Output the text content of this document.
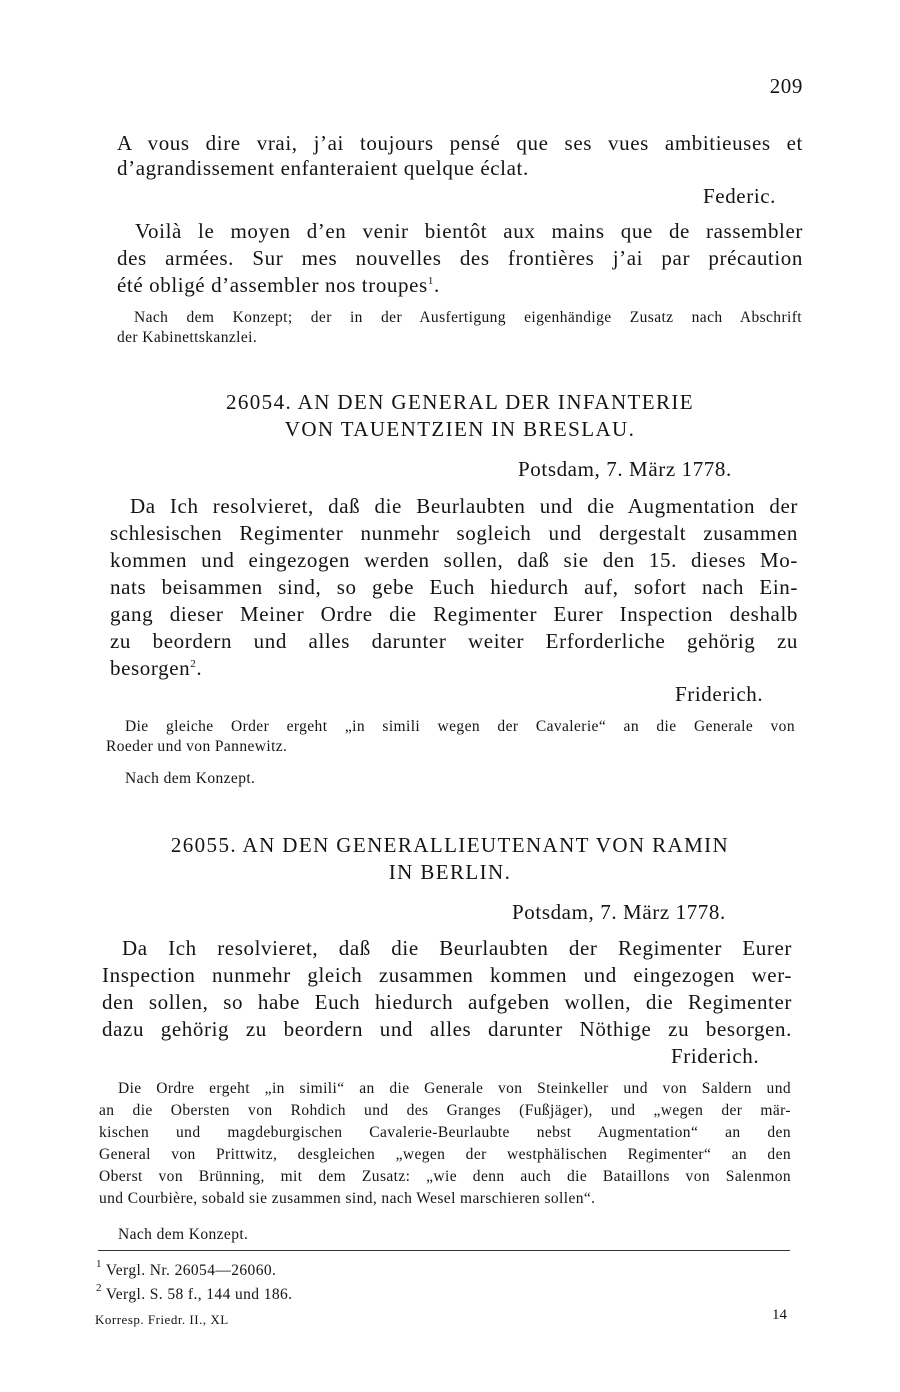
209
A vous dire vrai, j’ai toujours pensé que ses vues ambitieuses et
d’agrandissement enfanteraient quelque éclat.
Federic.
Voilà le moyen d’en venir bientôt aux mains que de rassembler
des armées. Sur mes nouvelles des frontières j’ai par précaution
été obligé d’assembler nos troupes$^1$.
Nach dem Konzept; der in der Ausfertigung eigenhändige Zusatz nach Abschrift
der Kabinettskanzlei.
26054. AN DEN GENERAL DER INFANTERIE
VON TAUENTZIEN IN BRESLAU.
Potsdam, 7. März 1778.
Da Ich resolvieret, daß die Beurlaubten und die Augmentation der
schlesischen Regimenter nunmehr sogleich und dergestalt zusammen
kommen und eingezogen werden sollen, daß sie den 15. dieses Mo-
nats beisammen sind, so gebe Euch hiedurch auf, sofort nach Ein-
gang dieser Meiner Ordre die Regimenter Eurer Inspection deshalb
zu beordern und alles darunter weiter Erforderliche gehörig zu
besorgen$^2$.
Friderich.
Die gleiche Order ergeht „in simili wegen der Cavalerie“ an die Generale von
Roeder und von Pannewitz.
Nach dem Konzept.
26055. AN DEN GENERALLIEUTENANT VON RAMIN
IN BERLIN.
Potsdam, 7. März 1778.
Da Ich resolvieret, daß die Beurlaubten der Regimenter Eurer
Inspection nunmehr gleich zusammen kommen und eingezogen wer-
den sollen, so habe Euch hiedurch aufgeben wollen, die Regimenter
dazu gehörig zu beordern und alles darunter Nöthige zu besorgen.
Friderich.
Die Ordre ergeht „in simili“ an die Generale von Steinkeller und von Saldern und
an die Obersten von Rohdich und des Granges (Fußjäger), und „wegen der mär-
kischen und magdeburgischen Cavalerie-Beurlaubte nebst Augmentation“ an den
General von Prittwitz, desgleichen „wegen der westphälischen Regimenter“ an den
Oberst von Brünning, mit dem Zusatz: „wie denn auch die Bataillons von Salenmon
und Courbière, sobald sie zusammen sind, nach Wesel marschieren sollen“.
Nach dem Konzept.
$^1$ Vergl. Nr. 26054—26060.
$^2$ Vergl. S. 58 f., 144 und 186.
Korresp. Friedr. II., XL	14
